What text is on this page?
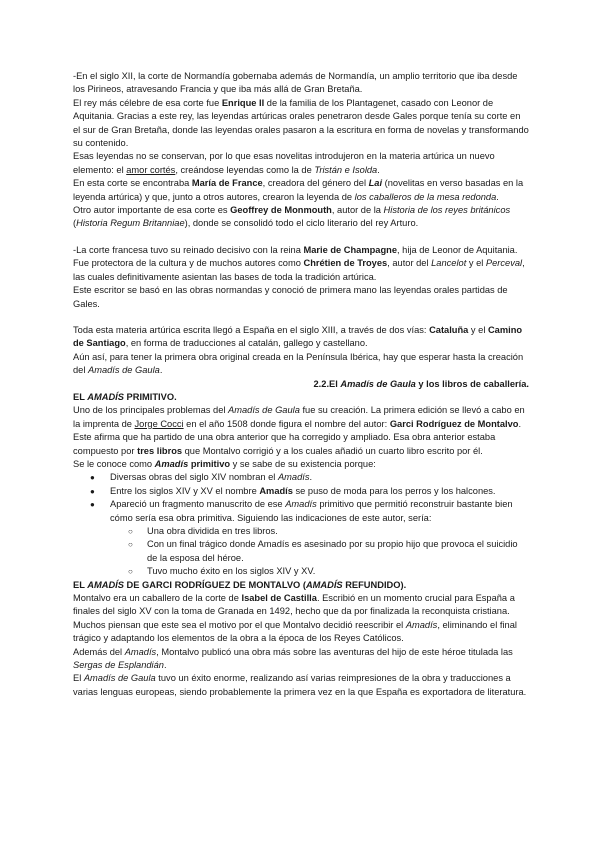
-En el siglo XII, la corte de Normandía gobernaba además de Normandía, un amplio territorio que iba desde los Pirineos, atravesando Francia y que iba más allá de Gran Bretaña.

El rey más célebre de esa corte fue Enrique II de la familia de los Plantagenet, casado con Leonor de Aquitania. Gracias a este rey, las leyendas artúricas orales penetraron desde Gales porque tenía su corte en el sur de Gran Bretaña, donde las leyendas orales pasaron a la escritura en forma de novelas y transformando su contenido.

Esas leyendas no se conservan, por lo que esas novelitas introdujeron en la materia artúrica un nuevo elemento: el amor cortés, creándose leyendas como la de Tristán e Isolda.

En esta corte se encontraba María de France, creadora del género del Lai (novelitas en verso basadas en la leyenda artúrica) y que, junto a otros autores, crearon la leyenda de los caballeros de la mesa redonda.

Otro autor importante de esa corte es Geoffrey de Monmouth, autor de la Historia de los reyes británicos (Historia Regum Britanniae), donde se consolidó todo el ciclo literario del rey Arturo.

-La corte francesa tuvo su reinado decisivo con la reina Marie de Champagne, hija de Leonor de Aquitania. Fue protectora de la cultura y de muchos autores como Chrétien de Troyes, autor del Lancelot y el Perceval, las cuales definitivamente asientan las bases de toda la tradición artúrica.

Este escritor se basó en las obras normandas y conoció de primera mano las leyendas orales partidas de Gales.

Toda esta materia artúrica escrita llegó a España en el siglo XIII, a través de dos vías: Cataluña y el Camino de Santiago, en forma de traducciones al catalán, gallego y castellano.

Aún así, para tener la primera obra original creada en la Península Ibérica, hay que esperar hasta la creación del Amadís de Gaula.

2.2.El Amadís de Gaula y los libros de caballería.

EL AMADÍS PRIMITIVO.

Uno de los principales problemas del Amadís de Gaula fue su creación. La primera edición se llevó a cabo en la imprenta de Jorge Cocci en el año 1508 donde figura el nombre del autor: Garci Rodríguez de Montalvo. Este afirma que ha partido de una obra anterior que ha corregido y ampliado. Esa obra anterior estaba compuesto por tres libros que Montalvo corrigió y a los cuales añadió un cuarto libro escrito por él.

Se le conoce como Amadís primitivo y se sabe de su existencia porque:

● Diversas obras del siglo XIV nombran el Amadís.
● Entre los siglos XIV y XV el nombre Amadís se puso de moda para los perros y los halcones.
● Apareció un fragmento manuscrito de ese Amadís primitivo que permitió reconstruir bastante bien cómo sería esa obra primitiva. Siguiendo las indicaciones de este autor, sería:
○ Una obra dividida en tres libros.
○ Con un final trágico donde Amadís es asesinado por su propio hijo que provoca el suicidio de la esposa del héroe.
○ Tuvo mucho éxito en los siglos XIV y XV.

EL AMADÍS DE GARCI RODRÍGUEZ DE MONTALVO (AMADÍS REFUNDIDO).

Montalvo era un caballero de la corte de Isabel de Castilla. Escribió en un momento crucial para España a finales del siglo XV con la toma de Granada en 1492, hecho que da por finalizada la reconquista cristiana.

Muchos piensan que este sea el motivo por el que Montalvo decidió reescribir el Amadís, eliminando el final trágico y adaptando los elementos de la obra a la época de los Reyes Católicos.

Además del Amadís, Montalvo publicó una obra más sobre las aventuras del hijo de este héroe titulada las Sergas de Esplandián.

El Amadís de Gaula tuvo un éxito enorme, realizando así varias reimpresiones de la obra y traducciones a varias lenguas europeas, siendo probablemente la primera vez en la que España es exportadora de literatura.
